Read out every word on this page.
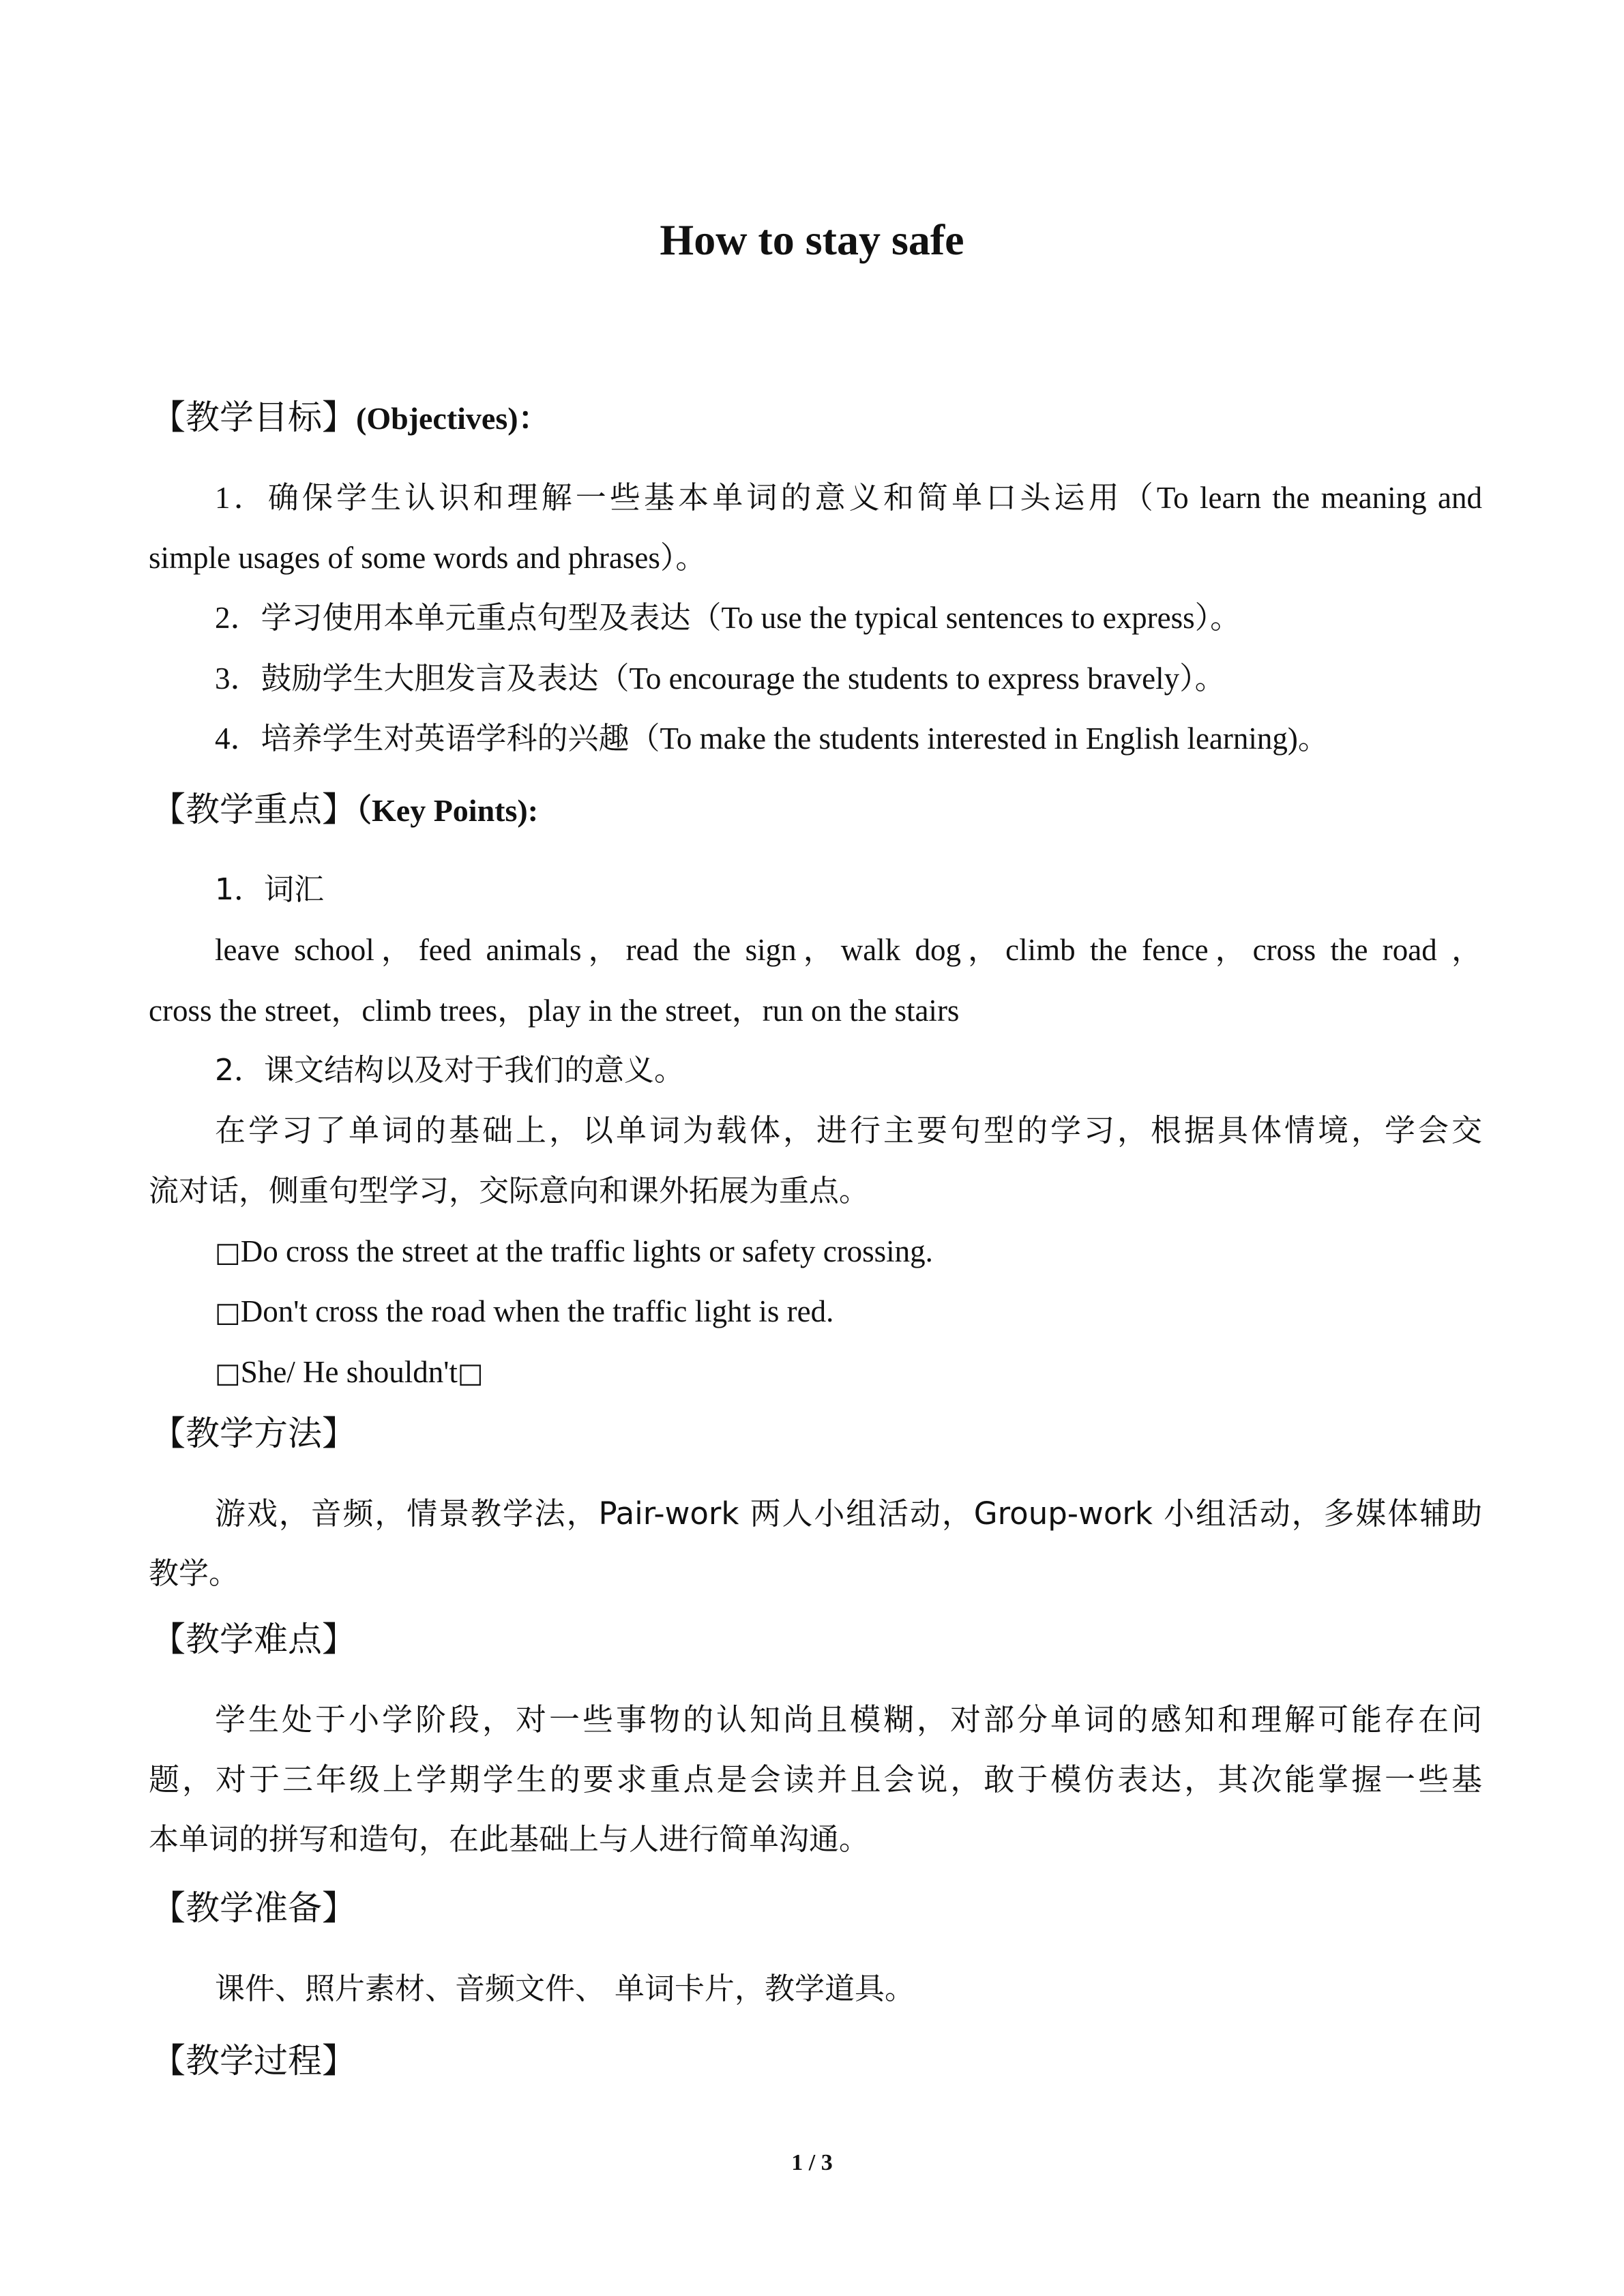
How to stay safe
【教学目标】(Objectives)：
1．确保学生认识和理解一些基本单词的意义和简单口头运用（To learn the meaning and
simple usages of some words and phrases）。
2．学习使用本单元重点句型及表达（To use the typical sentences to express）。
3．鼓励学生大胆发言及表达（To encourage the students to express bravely）。
4．培养学生对英语学科的兴趣（To make the students interested in English learning)。
【教学重点】（Key Points):
1．词汇
leave school，feed animals，read the sign，walk dog，climb the fence，cross the road ，
cross the street，climb trees，play in the street，run on the stairs
2．课文结构以及对于我们的意义。
在学习了单词的基础上，以单词为载体，进行主要句型的学习，根据具体情境，学会交
流对话，侧重句型学习，交际意向和课外拓展为重点。
□Do cross the street at the traffic lights or safety crossing.
□Don't cross the road when the traffic light is red.
□She/ He shouldn't□
【教学方法】
游戏，音频，情景教学法，Pair-work 两人小组活动，Group-work 小组活动，多媒体辅助
教学。
【教学难点】
学生处于小学阶段，对一些事物的认知尚且模糊，对部分单词的感知和理解可能存在问
题，对于三年级上学期学生的要求重点是会读并且会说，敢于模仿表达，其次能掌握一些基
本单词的拼写和造句，在此基础上与人进行简单沟通。
【教学准备】
课件、照片素材、音频文件、 单词卡片，教学道具。
【教学过程】
1 / 3
